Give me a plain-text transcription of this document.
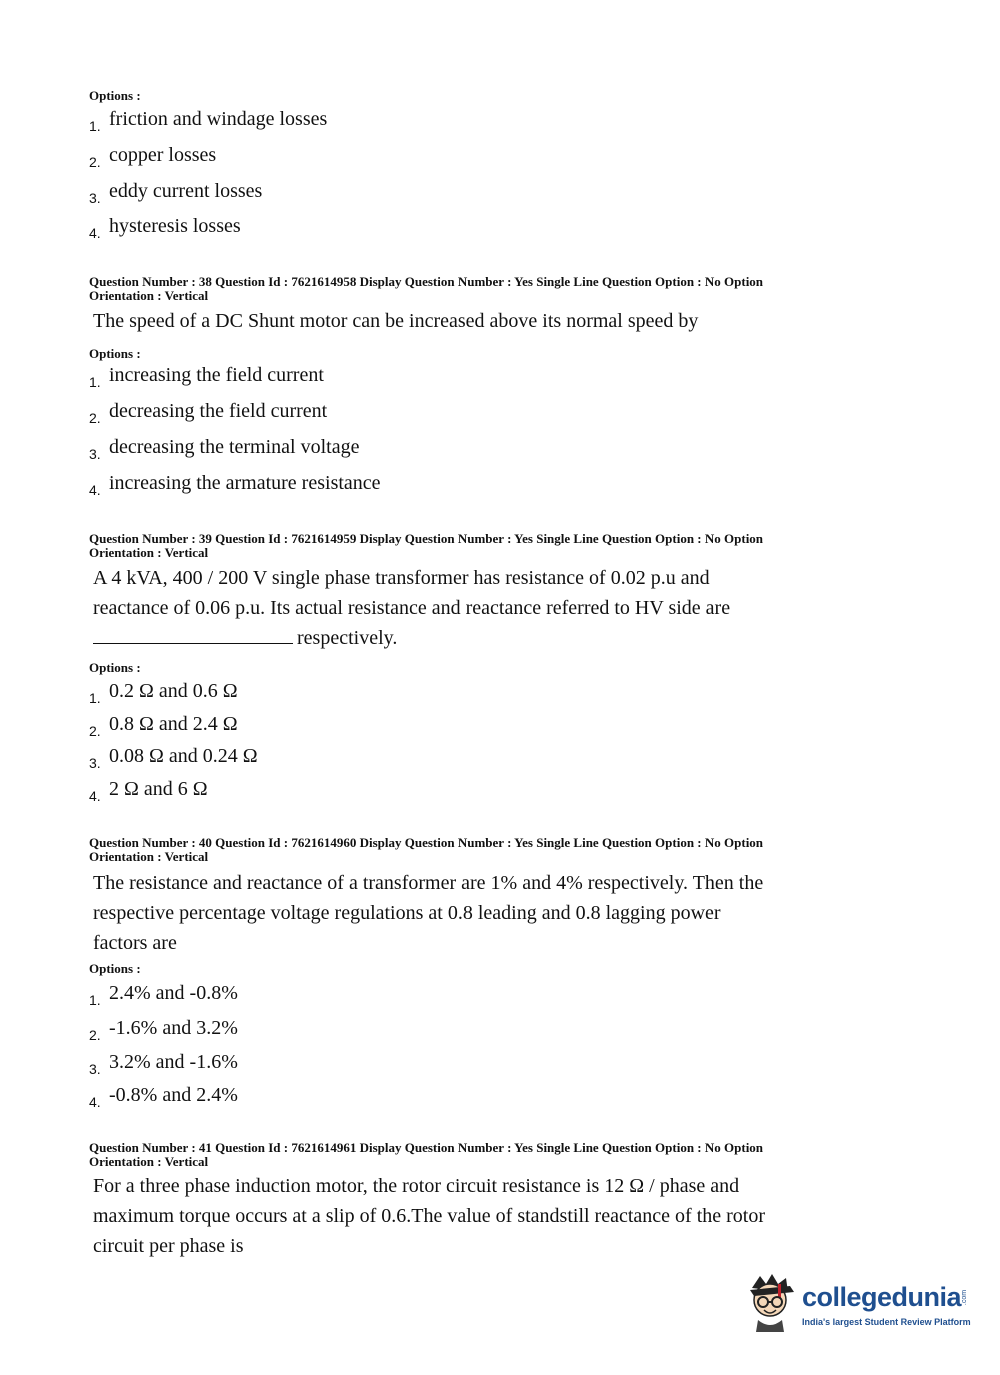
Options :
1. friction and windage losses
2. copper losses
3. eddy current losses
4. hysteresis losses
Question Number : 38 Question Id : 7621614958 Display Question Number : Yes Single Line Question Option : No Option
Orientation : Vertical
The speed of a DC Shunt motor can be increased above its normal speed by
Options :
1. increasing the field current
2. decreasing the field current
3. decreasing the terminal voltage
4. increasing the armature resistance
Question Number : 39 Question Id : 7621614959 Display Question Number : Yes Single Line Question Option : No Option
Orientation : Vertical
A 4 kVA, 400 / 200 V single phase transformer has resistance of 0.02 p.u and
reactance of 0.06 p.u. Its actual resistance and reactance referred to HV side are
respectively.
Options :
1. 0.2 Ω and 0.6 Ω
2. 0.8 Ω and 2.4 Ω
3. 0.08 Ω and 0.24 Ω
4. 2 Ω and 6 Ω
Question Number : 40 Question Id : 7621614960 Display Question Number : Yes Single Line Question Option : No Option
Orientation : Vertical
The resistance and reactance of a transformer are 1% and 4% respectively. Then the
respective percentage voltage regulations at 0.8 leading and 0.8 lagging power
factors are
Options :
1. 2.4% and -0.8%
2. -1.6% and 3.2%
3. 3.2% and -1.6%
4. -0.8% and 2.4%
Question Number : 41 Question Id : 7621614961 Display Question Number : Yes Single Line Question Option : No Option
Orientation : Vertical
For a three phase induction motor, the rotor circuit resistance is 12 Ω / phase and
maximum torque occurs at a slip of 0.6.The value of standstill reactance of the rotor
circuit per phase is
collegedunia .com
India's largest Student Review Platform
